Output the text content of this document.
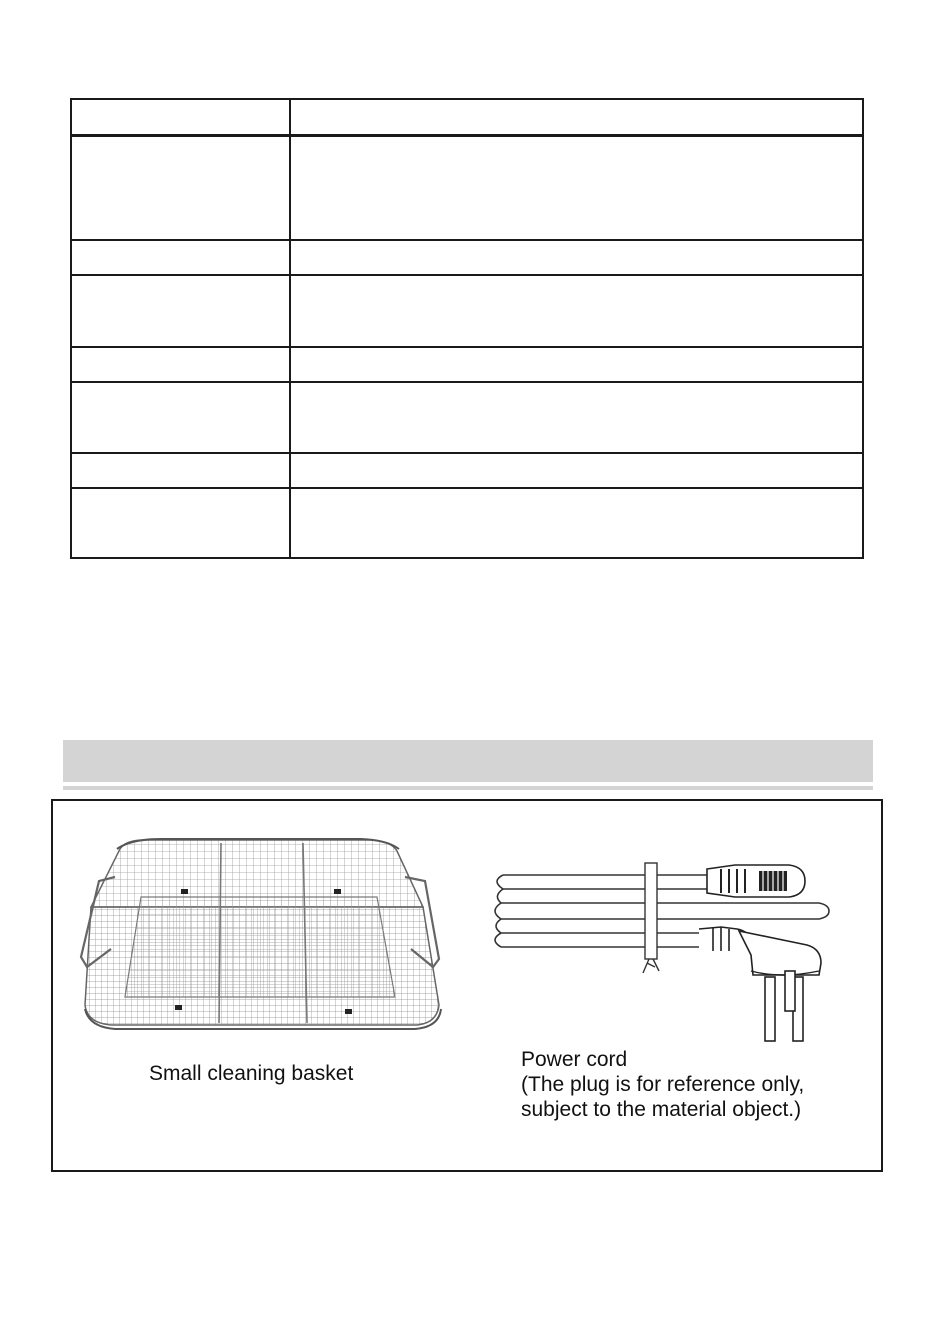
Small cleaning basket
Power cord
(The plug is for reference only,
subject to the material object.)
